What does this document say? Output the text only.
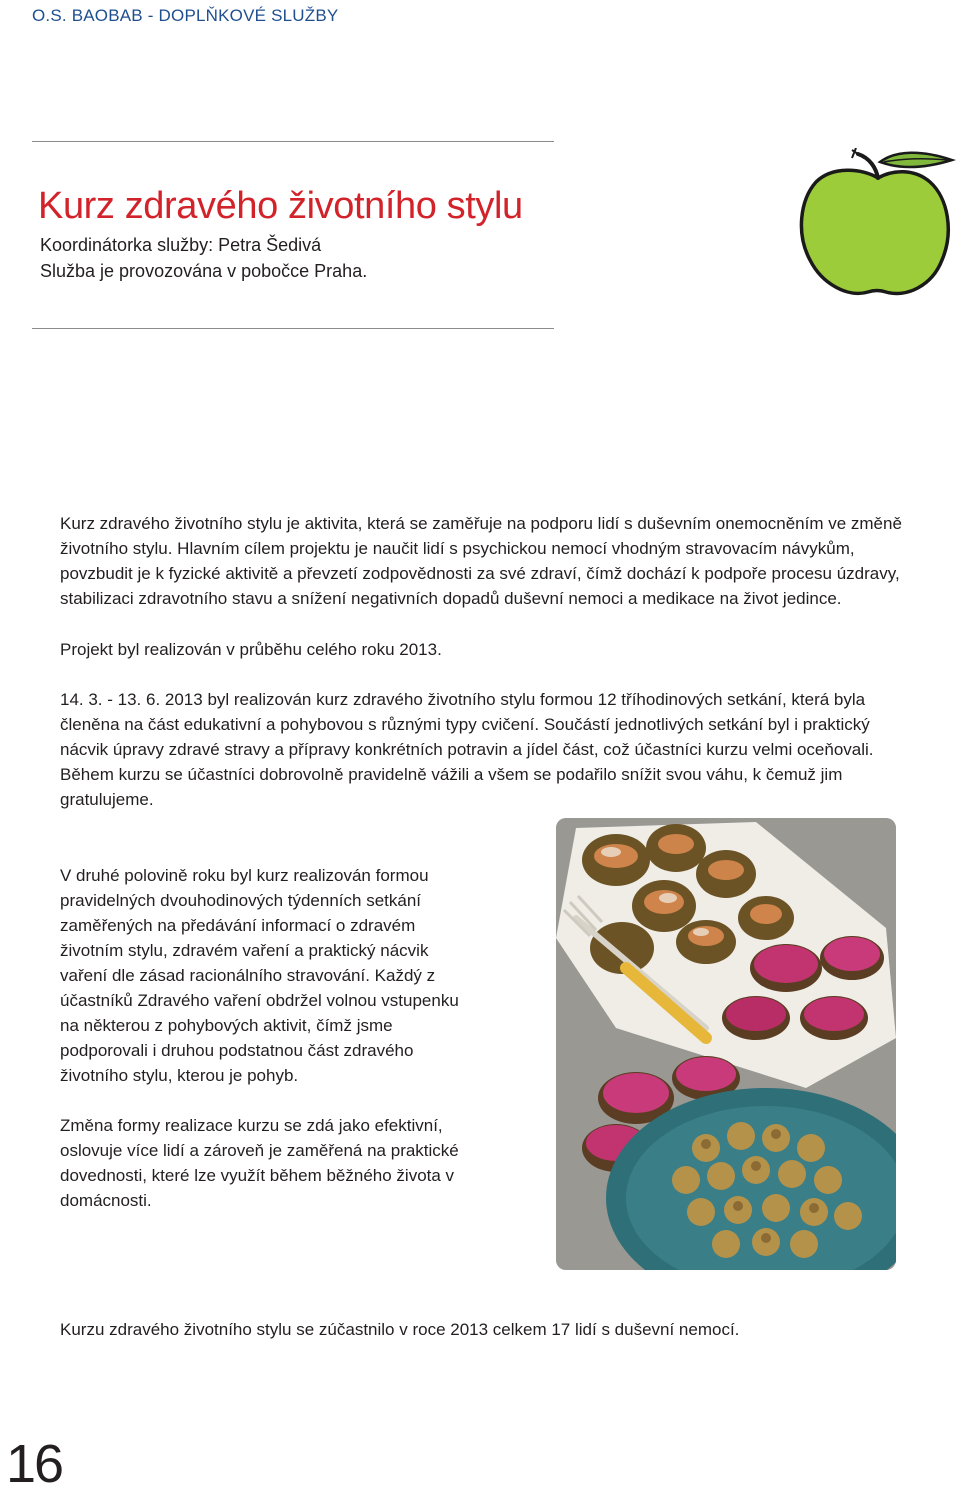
O.S. BAOBAB - DOPLŇKOVÉ SLUŽBY
Kurz zdravého životního stylu
Koordinátorka služby: Petra Šedivá
Služba je provozována v pobočce Praha.

Kurz zdravého životního stylu je aktivita, která se zaměřuje na podporu lidí s duševním onemocněním ve změně životního stylu. Hlavním cílem projektu je naučit lidí s psychickou nemocí vhodným stravovacím návykům, povzbudit je k fyzické aktivitě a převzetí zodpovědnosti za své zdraví, čímž dochází k podpoře procesu úzdravy, stabilizaci zdravotního stavu a snížení negativních dopadů duševní nemoci a medikace na život jedince.

Projekt byl realizován v průběhu celého roku 2013.

14. 3. - 13. 6. 2013 byl realizován kurz zdravého životního stylu formou 12 tříhodinových setkání, která byla členěna na část edukativní a pohybovou s různými typy cvičení. Součástí jednotlivých setkání byl i praktický nácvik úpravy zdravé stravy a přípravy konkrétních potravin a jídel část, což účastníci kurzu velmi oceňovali. Během kurzu se účastníci dobrovolně pravidelně vážili a všem se podařilo snížit svou váhu, k čemuž jim gratulujeme.

V druhé polovině roku byl kurz realizován formou pravidelných dvouhodinových týdenních setkání zaměřených na předávání informací o zdravém životním stylu, zdravém vaření a praktický nácvik vaření dle zásad racionálního stravování. Každý z účastníků Zdravého vaření obdržel volnou vstupenku na některou z pohybových aktivit, čímž jsme podporovali i druhou podstatnou část zdravého životního stylu, kterou je pohyb.

Změna formy realizace kurzu se zdá jako efektivní, oslovuje více lidí a zároveň je zaměřená na praktické dovednosti, které lze využít během běžného života v domácnosti.

Kurzu zdravého životního stylu se zúčastnilo v roce 2013 celkem 17 lidí s duševní nemocí.

16
